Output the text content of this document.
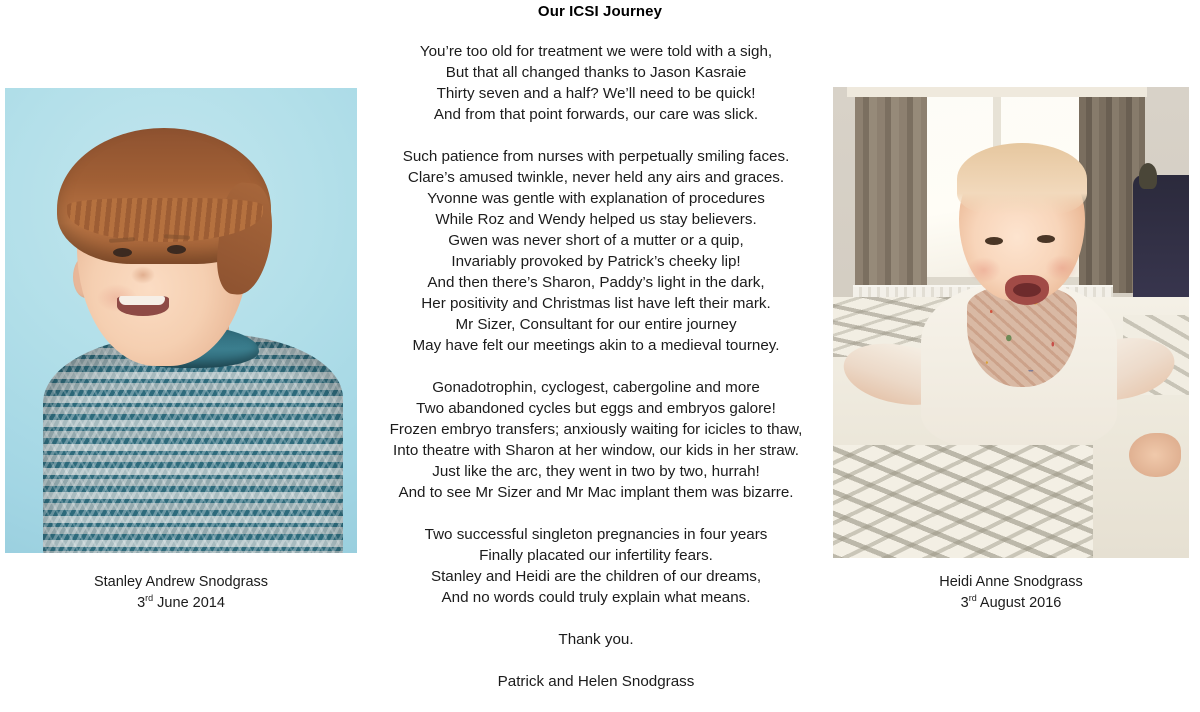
Our ICSI Journey
Stanley Andrew Snodgrass
3rd June 2014
Heidi Anne Snodgrass
3rd August 2016
You’re too old for treatment we were told with a sigh,
But that all changed thanks to Jason Kasraie
Thirty seven and a half? We’ll need to be quick!
And from that point forwards, our care was slick.
Such patience from nurses with perpetually smiling faces.
Clare’s amused twinkle, never held any airs and graces.
Yvonne was gentle with explanation of procedures
While Roz and Wendy helped us stay believers.
Gwen was never short of a mutter or a quip,
Invariably provoked by Patrick’s cheeky lip!
And then there’s Sharon, Paddy’s light in the dark,
Her positivity and Christmas list have left their mark.
Mr Sizer, Consultant for our entire journey
May have felt our meetings akin to a medieval tourney.
Gonadotrophin, cyclogest, cabergoline and more
Two abandoned cycles but eggs and embryos galore!
Frozen embryo transfers; anxiously waiting for icicles to thaw,
Into theatre with Sharon at her window, our kids in her straw.
Just like the arc, they went in two by two, hurrah!
And to see Mr Sizer and Mr Mac implant them was bizarre.
Two successful singleton pregnancies in four years
Finally placated our infertility fears.
Stanley and Heidi are the children of our dreams,
And no words could truly explain what means.
Thank you.
Patrick and Helen Snodgrass
